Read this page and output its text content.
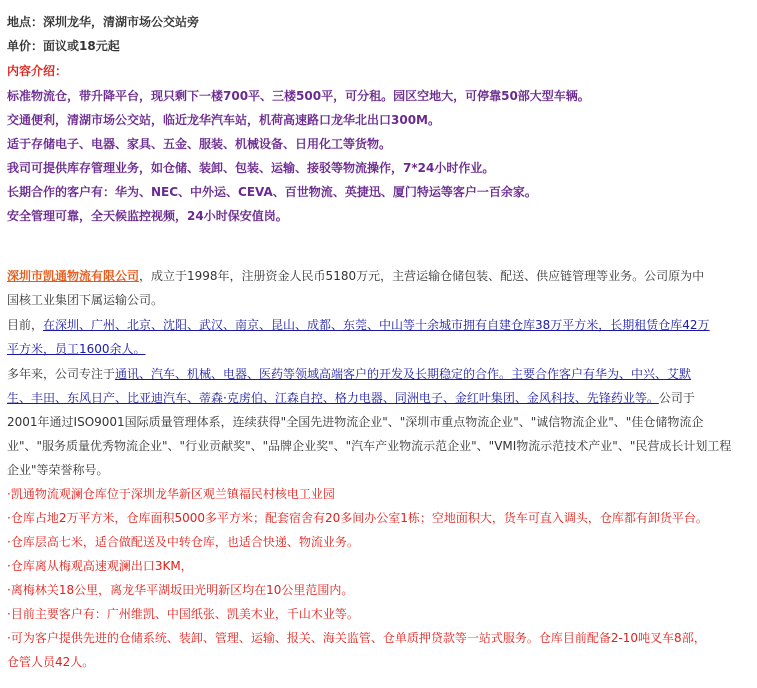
地点：深圳龙华，清湖市场公交站旁
单价：面议或18元起
内容介绍：
标准物流仓，带升降平台，现只剩下一楼700平、三楼500平，可分租。园区空地大，可停靠50部大型车辆。
交通便利，清湖市场公交站，临近龙华汽车站，机荷高速路口龙华北出口300M。
适于存储电子、电器、家具、五金、服装、机械设备、日用化工等货物。
我司可提供库存管理业务，如仓储、装卸、包装、运输、接驳等物流操作，7*24小时作业。
长期合作的客户有：华为、NEC、中外运、CEVA、百世物流、英捷迅、厦门特运等客户一百余家。
安全管理可靠，全天候监控视频，24小时保安值岗。
深圳市凯通物流有限公司，成立于1998年，注册资金人民币5180万元，主营运输仓储包装、配送、供应链管理等业务。公司原为中
国核工业集团下属运输公司。
目前，在深圳、广州、北京、沈阳、武汉、南京、昆山、成都、东莞、中山等十余城市拥有自建仓库38万平方米，长期租赁仓库42万
平方米，员工1600余人。
多年来，公司专注于通讯、汽车、机械、电器、医药等领域高端客户的开发及长期稳定的合作。主要合作客户有华为、中兴、艾默
生、丰田、东风日产、比亚迪汽车、蒂森·克虏伯、江森自控、格力电器、同洲电子、金红叶集团、金风科技、先锋药业等。公司于
2001年通过ISO9001国际质量管理体系，连续获得"全国先进物流企业"、"深圳市重点物流企业"、"诚信物流企业"、"佳仓储物流企
业"、"服务质量优秀物流企业"、"行业贡献奖"、"品牌企业奖"、"汽车产业物流示范企业"、"VMI物流示范技术产业"、"民营成长计划工程
企业"等荣誉称号。
·凯通物流观澜仓库位于深圳龙华新区观兰镇福民村核电工业园
·仓库占地2万平方米，仓库面积5000多平方米；配套宿舍有20多间办公室1栋；空地面积大，货车可直入调头，仓库都有卸货平台。
·仓库层高七米，适合做配送及中转仓库，也适合快递、物流业务。
·仓库离从梅观高速观澜出口3KM，
·离梅林关18公里，离龙华平湖坂田光明新区均在10公里范围内。
·目前主要客户有：广州维凯、中国纸张、凯美木业，千山木业等。
·可为客户提供先进的仓储系统、装卸、管理、运输、报关、海关监管、仓单质押贷款等一站式服务。仓库目前配备2-10吨叉车8部，
仓管人员42人。
